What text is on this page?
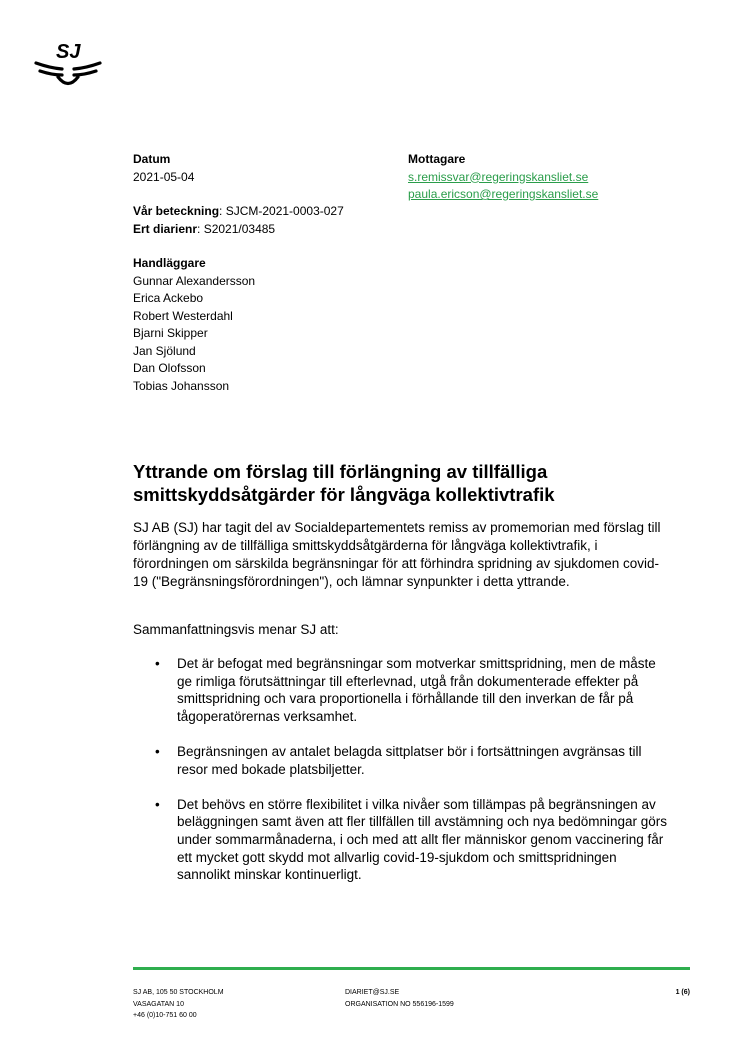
SJ
Datum
2021-05-04
Vår beteckning: SJCM-2021-0003-027
Ert diarienr: S2021/03485
Handläggare
Gunnar Alexandersson
Erica Ackebo
Robert Westerdahl
Bjarni Skipper
Jan Sjölund
Dan Olofsson
Tobias Johansson
Mottagare
s.remissvar@regeringskansliet.se
paula.ericson@regeringskansliet.se
Yttrande om förslag till förlängning av tillfälliga smittskyddsåtgärder för långväga kollektivtrafik

SJ AB (SJ) har tagit del av Socialdepartementets remiss av promemorian med förslag till förlängning av de tillfälliga smittskyddsåtgärderna för långväga kollektivtrafik, i förordningen om särskilda begränsningar för att förhindra spridning av sjukdomen covid-19 ("Begränsningsförordningen"), och lämnar synpunkter i detta yttrande.

Sammanfattningsvis menar SJ att:

• Det är befogat med begränsningar som motverkar smittspridning, men de måste ge rimliga förutsättningar till efterlevnad, utgå från dokumenterade effekter på smittspridning och vara proportionella i förhållande till den inverkan de får på tågoperatörernas verksamhet.
• Begränsningen av antalet belagda sittplatser bör i fortsättningen avgränsas till resor med bokade platsbiljetter.
• Det behövs en större flexibilitet i vilka nivåer som tillämpas på begränsningen av beläggningen samt även att fler tillfällen till avstämning och nya bedömningar görs under sommarmånaderna, i och med att allt fler människor genom vaccinering får ett mycket gott skydd mot allvarlig covid-19-sjukdom och smittspridningen sannolikt minskar kontinuerligt.
SJ AB, 105 50 STOCKHOLM
VASAGATAN 10
+46 (0)10-751 60 00
DIARIET@SJ.SE
ORGANISATION NO 556196-1599
1 (6)
